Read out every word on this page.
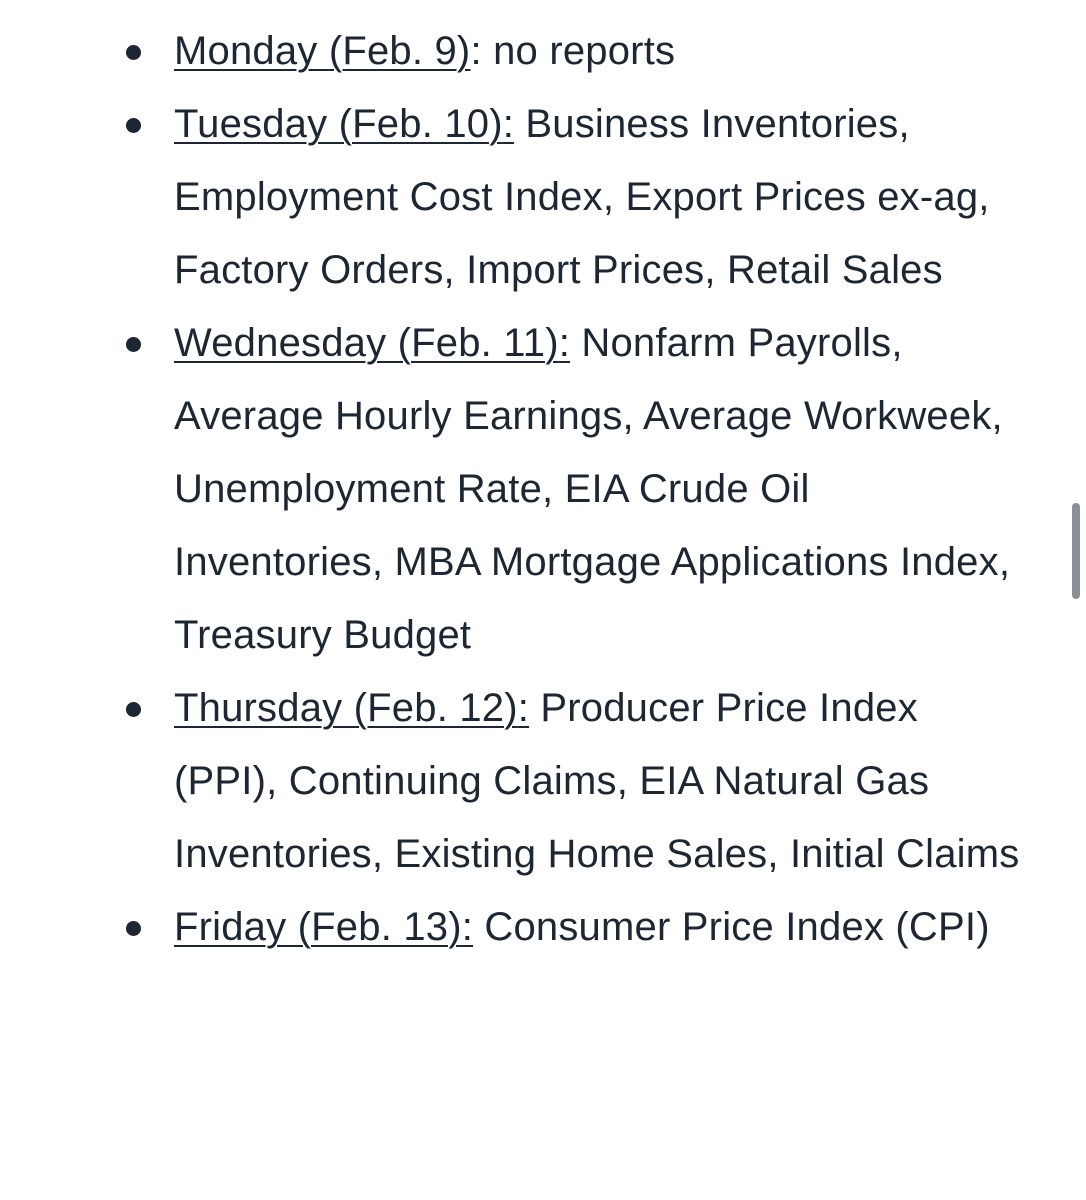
Monday (Feb. 9): no reports
Tuesday (Feb. 10): Business Inventories, Employment Cost Index, Export Prices ex-ag, Factory Orders, Import Prices, Retail Sales
Wednesday (Feb. 11): Nonfarm Payrolls, Average Hourly Earnings, Average Workweek, Unemployment Rate, EIA Crude Oil Inventories, MBA Mortgage Applications Index, Treasury Budget
Thursday (Feb. 12): Producer Price Index (PPI), Continuing Claims, EIA Natural Gas Inventories, Existing Home Sales, Initial Claims
Friday (Feb. 13): Consumer Price Index (CPI)
